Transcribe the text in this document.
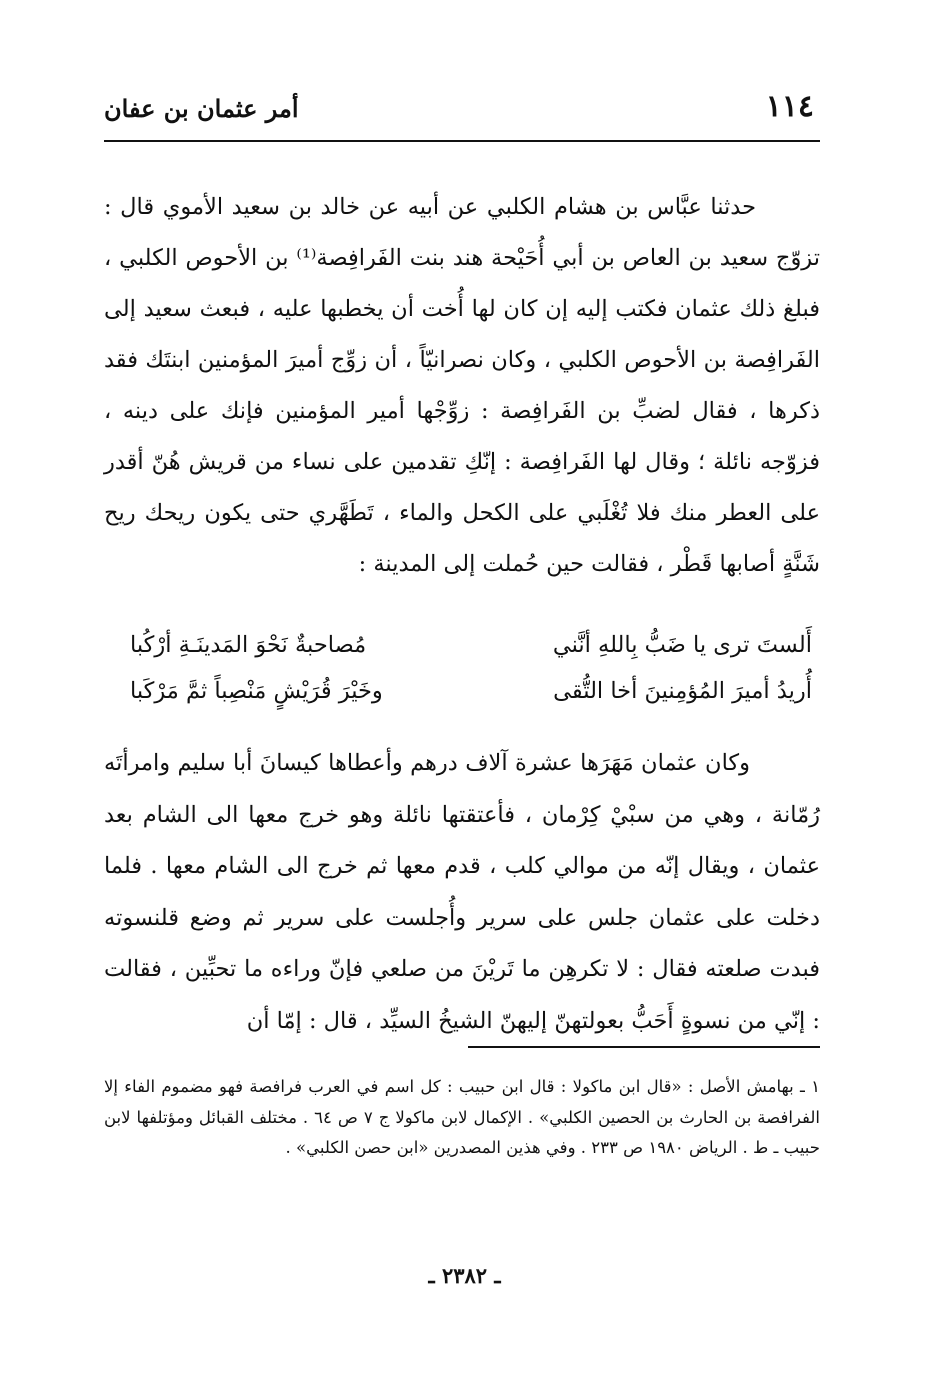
١١٤
أمر عثمان بن عفان

حدثنا عبَّاس بن هشام الكلبي عن أبيه عن خالد بن سعيد الأموي قال : تزوّج سعيد بن العاص بن أبي أُحَيْحة هند بنت الفَرافِصة⁽¹⁾ بن الأحوص الكلبي ، فبلغ ذلك عثمان فكتب إليه إن كان لها أُخت أن يخطبها عليه ، فبعث سعيد إلى الفَرافِصة بن الأحوص الكلبي ، وكان نصرانيّاً ، أن زوِّج أميرَ المؤمنين ابنتَك فقد ذكرها ، فقال لضبِّ بن الفَرافِصة : زوِّجْها أمير المؤمنين فإنك على دينه ، فزوّجه نائلة ؛ وقال لها الفَرافِصة : إنّكِ تقدمين على نساء من قريش هُنّ أقدر على العطر منك فلا تُغْلَبي على الكحل والماء ، تَطَهَّري حتى يكون ريحك ريح شَنَّةٍ أصابها قَطْر ، فقالت حين حُملت إلى المدينة :

أَلستَ ترى يا ضَبُّ بِاللهِ أنَّني
مُصاحبةٌ نَحْوَ المَدينَـةِ أرْكُبا
أُريدُ أميرَ المُؤمِنينَ أخا التُّقى
وخَيْرَ قُرَيْشٍ مَنْصِباً ثمَّ مَرْكَبا

وكان عثمان مَهَرَها عشرة آلاف درهم وأعطاها كيسانَ أبا سليم وامرأتَه رُمّانة ، وهي من سبْيْ كِرْمان ، فأعتقتها نائلة وهو خرج معها الى الشام بعد عثمان ، ويقال إنّه من موالي كلب ، قدم معها ثم خرج الى الشام معها . فلما دخلت على عثمان جلس على سرير وأُجلست على سرير ثم وضع قلنسوته فبدت صلعته فقال : لا تكرهِن ما تَريْنَ من صلعي فإنّ وراءه ما تحبِّين ، فقالت : إنّي من نسوةٍ أَحَبُّ بعولتهنّ إليهنّ الشيخُ السيِّد ، قال : إمّا أن

١ ـ بهامش الأصل : «قال ابن ماكولا : قال ابن حبيب : كل اسم في العرب فرافصة فهو مضموم الفاء إلا الفرافصة بن الحارث بن الحصين الكلبي» . الإكمال لابن ماكولا ج ٧ ص ٦٤ . مختلف القبائل ومؤتلفها لابن حبيب ـ ط . الرياض ١٩٨٠ ص ٢٣٣ . وفي هذين المصدرين «ابن حصن الكلبي» .

ـ ٢٣٨٢ ـ
